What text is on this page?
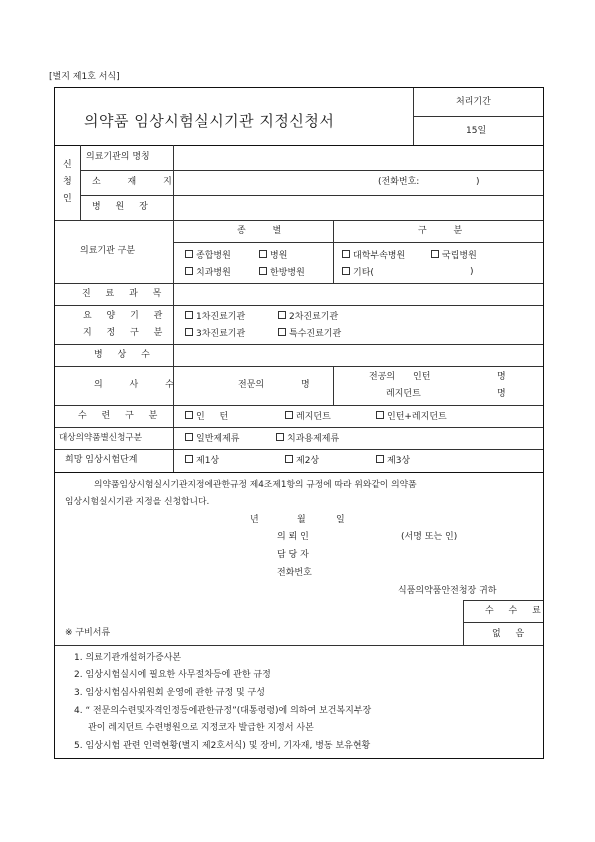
[별지 제1호 서식]
의약품 임상시험실시기관 지정신청서
처리기간
15일
신
청
인
의료기관의 명칭
소 재 지	(전화번호:	)
병 원 장
의료기관 구분
종 별	구 분
종합병원	병원
치과병원	한방병원
대학부속병원	국립병원
기타(	)
진 료 과 목
요 양 기 관
지 정 구 분
1차진료기관	2차진료기관
3차진료기관	특수진료기관
병 상 수
의 사 수	전문의	명
전공의 인턴	명
레지던트	명
수 련 구 분	인 턴	레지던트	인턴+레지던트
대상의약품별신청구분	일반제제류	치과용제제류
희망 임상시험단계	제1상	제2상	제3상
의약품임상시험실시기관지정에관한규정 제4조제1항의 규정에 따라 위와같이 의약품
임상시험실시기관 지정을 신청합니다.
년	월	일
의 뢰 인	(서명 또는 인)
담 당 자
전화번호
식품의약품안전청장 귀하
수 수 료
없 음
※ 구비서류
1. 의료기관개설허가증사본
2. 임상시험실시에 필요한 사무절차등에 관한 규정
3. 임상시험심사위원회 운영에 관한 규정 및 구성
4. “ 전문의수련및자격인정등에관한규정”(대통령령)에 의하여 보건복지부장
관이 레지던트 수련병원으로 지정코자 발급한 지정서 사본
5. 임상시험 관련 인력현황(별지 제2호서식) 및 장비, 기자재, 병동 보유현황
